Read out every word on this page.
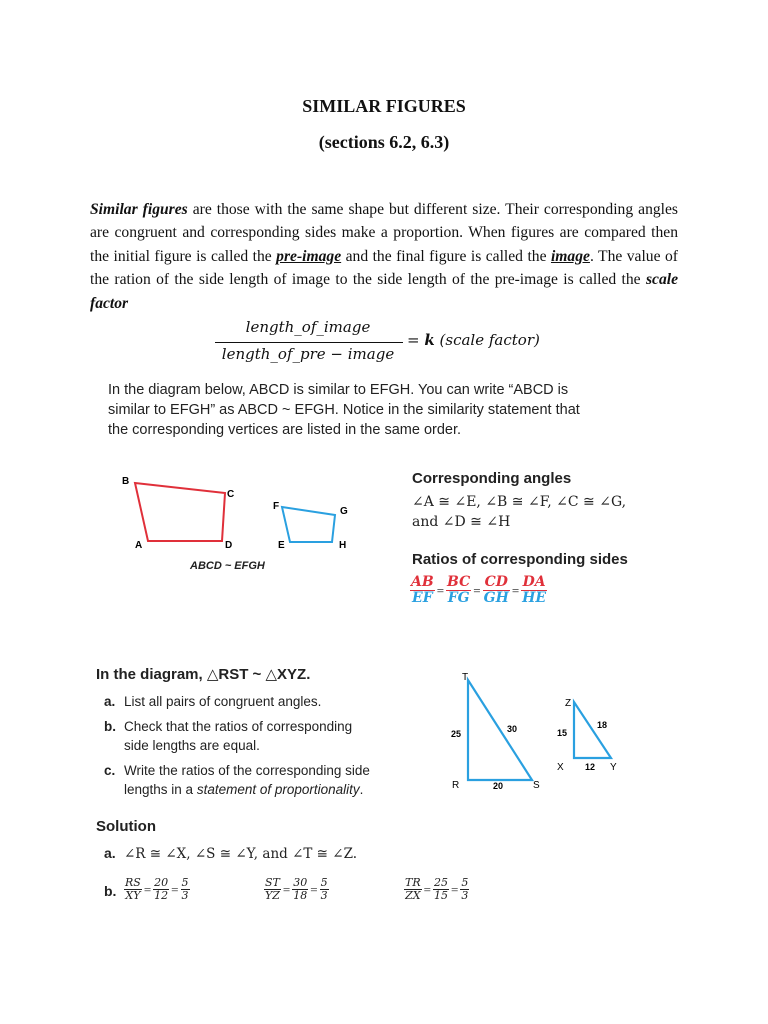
SIMILAR FIGURES
(sections 6.2, 6.3)
Similar figures are those with the same shape but different size. Their corresponding angles are congruent and corresponding sides make a proportion. When figures are compared then the initial figure is called the pre-image and the final figure is called the image. The value of the ration of the side length of image to the side length of the pre-image is called the scale factor
length_of_image
length_of_pre − image
= k (scale factor)
In the diagram below, ABCD is similar to EFGH. You can write “ABCD is
similar to EFGH” as ABCD ~ EFGH. Notice in the similarity statement that
the corresponding vertices are listed in the same order.
B
C
A	D
F	G
E	H
ABCD ~ EFGH
Corresponding angles
∠A ≅ ∠E, ∠B ≅ ∠F, ∠C ≅ ∠G,
and ∠D ≅ ∠H
Ratios of corresponding sides
$\frac{AB}{EF} = \frac{BC}{FG} = \frac{CD}{GH} = \frac{DA}{HE}$
In the diagram, △RST ~ △XYZ.
a. List all pairs of congruent angles.
b. Check that the ratios of corresponding
side lengths are equal.
c. Write the ratios of the corresponding side
lengths in a statement of proportionality.
T
25	30
R	20	S
Z
15
18
X 12 Y
Solution
a. ∠R ≅ ∠X, ∠S ≅ ∠Y, and ∠T ≅ ∠Z.
b. $\frac{RS}{XY} = \frac{20}{12} = \frac{5}{3}$	$\frac{ST}{YZ} = \frac{30}{18} = \frac{5}{3}$	$\frac{TR}{ZX} = \frac{25}{15} = \frac{5}{3}$
